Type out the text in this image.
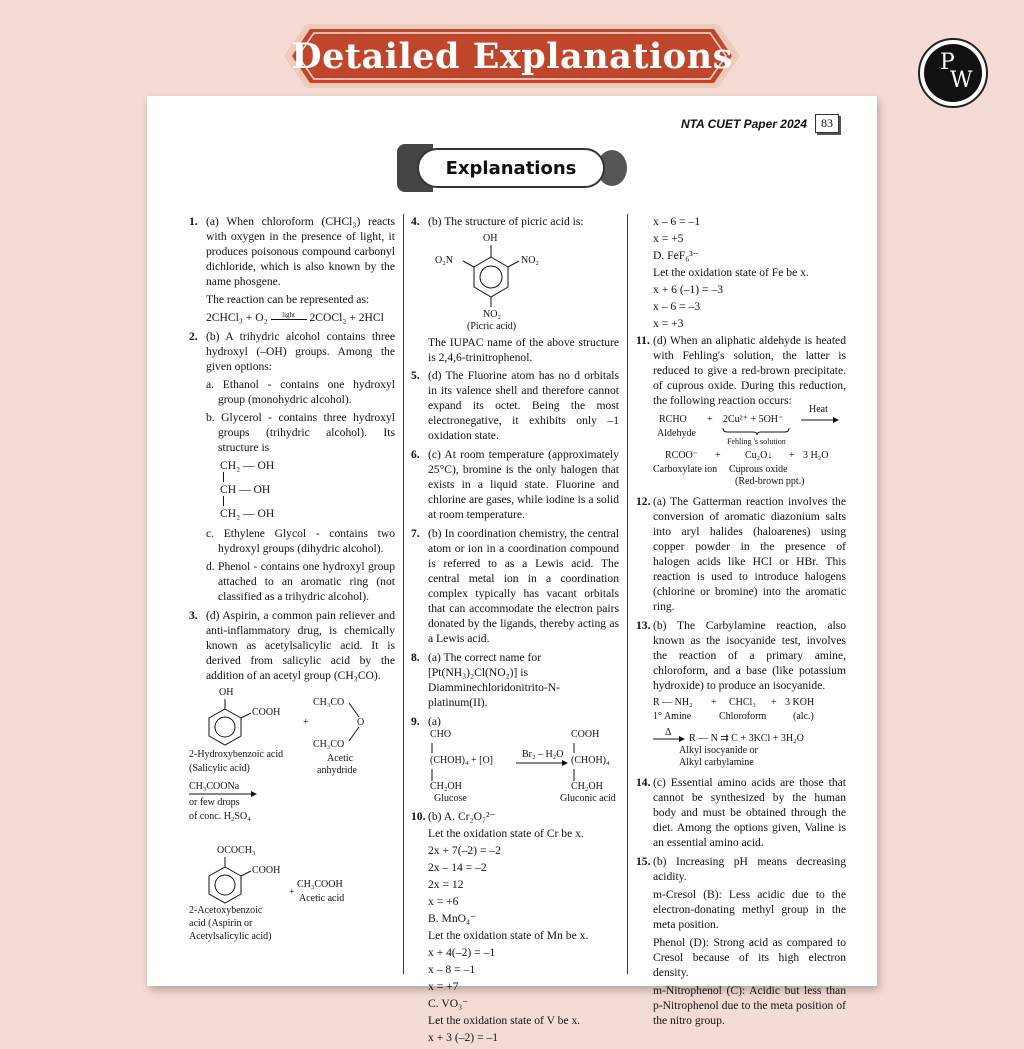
Detailed Explanations	P
W
NTA CUET Paper 2024	83
Explanations
1. (a) When chloroform (CHCl₃) reacts with oxygen in the presence of light, it produces poisonous compound carbonyl dichloride, which is also known by the name phosgene.
The reaction can be represented as:
2CHCl₃ + O₂ light 2COCl₂ + 2HCl
2. (b) A trihydric alcohol contains three hydroxyl (–OH) groups. Among the given options:
a. Ethanol - contains one hydroxyl group (monohydric alcohol).
b. Glycerol - contains three hydroxyl groups (trihydric alcohol). Its structure is
CH₂ — OH
CH — OH
CH₂ — OH
c. Ethylene Glycol - contains two hydroxyl groups (dihydric alcohol).
d. Phenol - contains one hydroxyl group attached to an aromatic ring (not classified as a trihydric alcohol).
3. (d) Aspirin, a common pain reliever and anti-inflammatory drug, is chemically known as acetylsalicylic acid. It is derived from salicylic acid by the addition of an acetyl group (CH₃CO).
OH
COOH
+
CH₃CO
O
CH₃CO
2-Hydroxybenzoic acid
(Salicylic acid)
Acetic
anhydride
CH₃COONa
or few drops
of conc. H₂SO₄
OCOCH₃
COOH
+
CH₃COOH
Acetic acid
2-Acetoxybenzoic
acid (Aspirin or
Acetylsalicylic acid)
4. (b) The structure of picric acid is:
OH
O₂N	NO₂
NO₂
(Picric acid)
The IUPAC name of the above structure is 2,4,6-trinitrophenol.
5. (d) The Fluorine atom has no d orbitals in its valence shell and therefore cannot expand its octet. Being the most electronegative, it exhibits only –1 oxidation state.
6. (c) At room temperature (approximately 25°C), bromine is the only halogen that exists in a liquid state. Fluorine and chlorine are gases, while iodine is a solid at room temperature.
7. (b) In coordination chemistry, the central atom or ion in a coordination compound is referred to as a Lewis acid. The central metal ion in a coordination complex typically has vacant orbitals that can accommodate the electron pairs donated by the ligands, thereby acting as a Lewis acid.
8. (a) The correct name for
[Pt(NH₃)₂Cl(NO₂)] is
Diamminechloridonitrito-N-platinum(II).
9. (a)
CHO
(CHOH)₄ + [O]
CH₂OH
Glucose
Br₂ – H₂O
COOH
(CHOH)₄
CH₂OH
Gluconic acid
10. (b) A. Cr₂O₇²⁻
Let the oxidation state of Cr be x.
2x + 7(–2) = –2
2x – 14 = –2
2x = 12
x = +6
B. MnO₄⁻
Let the oxidation state of Mn be x.
x + 4(–2) = –1
x – 8 = –1
x = +7
C. VO₃⁻
Let the oxidation state of V be x.
x + 3 (–2) = –1
x – 6 = –1
x = +5
D. FeF₆³⁻
Let the oxidation state of Fe be x.
x + 6 (–1) = –3
x – 6 = –3
x = +3
11. (d) When an aliphatic aldehyde is heated with Fehling's solution, the latter is reduced to give a red-brown precipitate. of cuprous oxide. During this reduction, the following reaction occurs:
RCHO + 2Cu²⁺ + 5OH⁻
Heat
Aldehyde
Fehling 's solution
RCOO⁻ + Cu₂O↓ + 3 H₂O
Carboxylate ion Cuprous oxide
(Red-brown ppt.)
12. (a) The Gatterman reaction involves the conversion of aromatic diazonium salts into aryl halides (haloarenes) using copper powder in the presence of halogen acids like HCl or HBr. This reaction is used to introduce halogens (chlorine or bromine) into the aromatic ring.
13. (b) The Carbylamine reaction, also known as the isocyanide test, involves the reaction of a primary amine, chloroform, and a base (like potassium hydroxide) to produce an isocyanide.
R — NH₂ + CHCl₃ + 3 KOH
1° Amine	Chloroform	(alc.)
Δ
R — N ⇉ C + 3KCl + 3H₂O
Alkyl isocyanide or
Alkyl carbylamine
14. (c) Essential amino acids are those that cannot be synthesized by the human body and must be obtained through the diet. Among the options given, Valine is an essential amino acid.
15. (b) Increasing pH means decreasing acidity.
m-Cresol (B): Less acidic due to the electron-donating methyl group in the meta position.
Phenol (D): Strong acid as compared to Cresol because of its high electron density.
m-Nitrophenol (C): Acidic but less than p-Nitrophenol due to the meta position of the nitro group.
